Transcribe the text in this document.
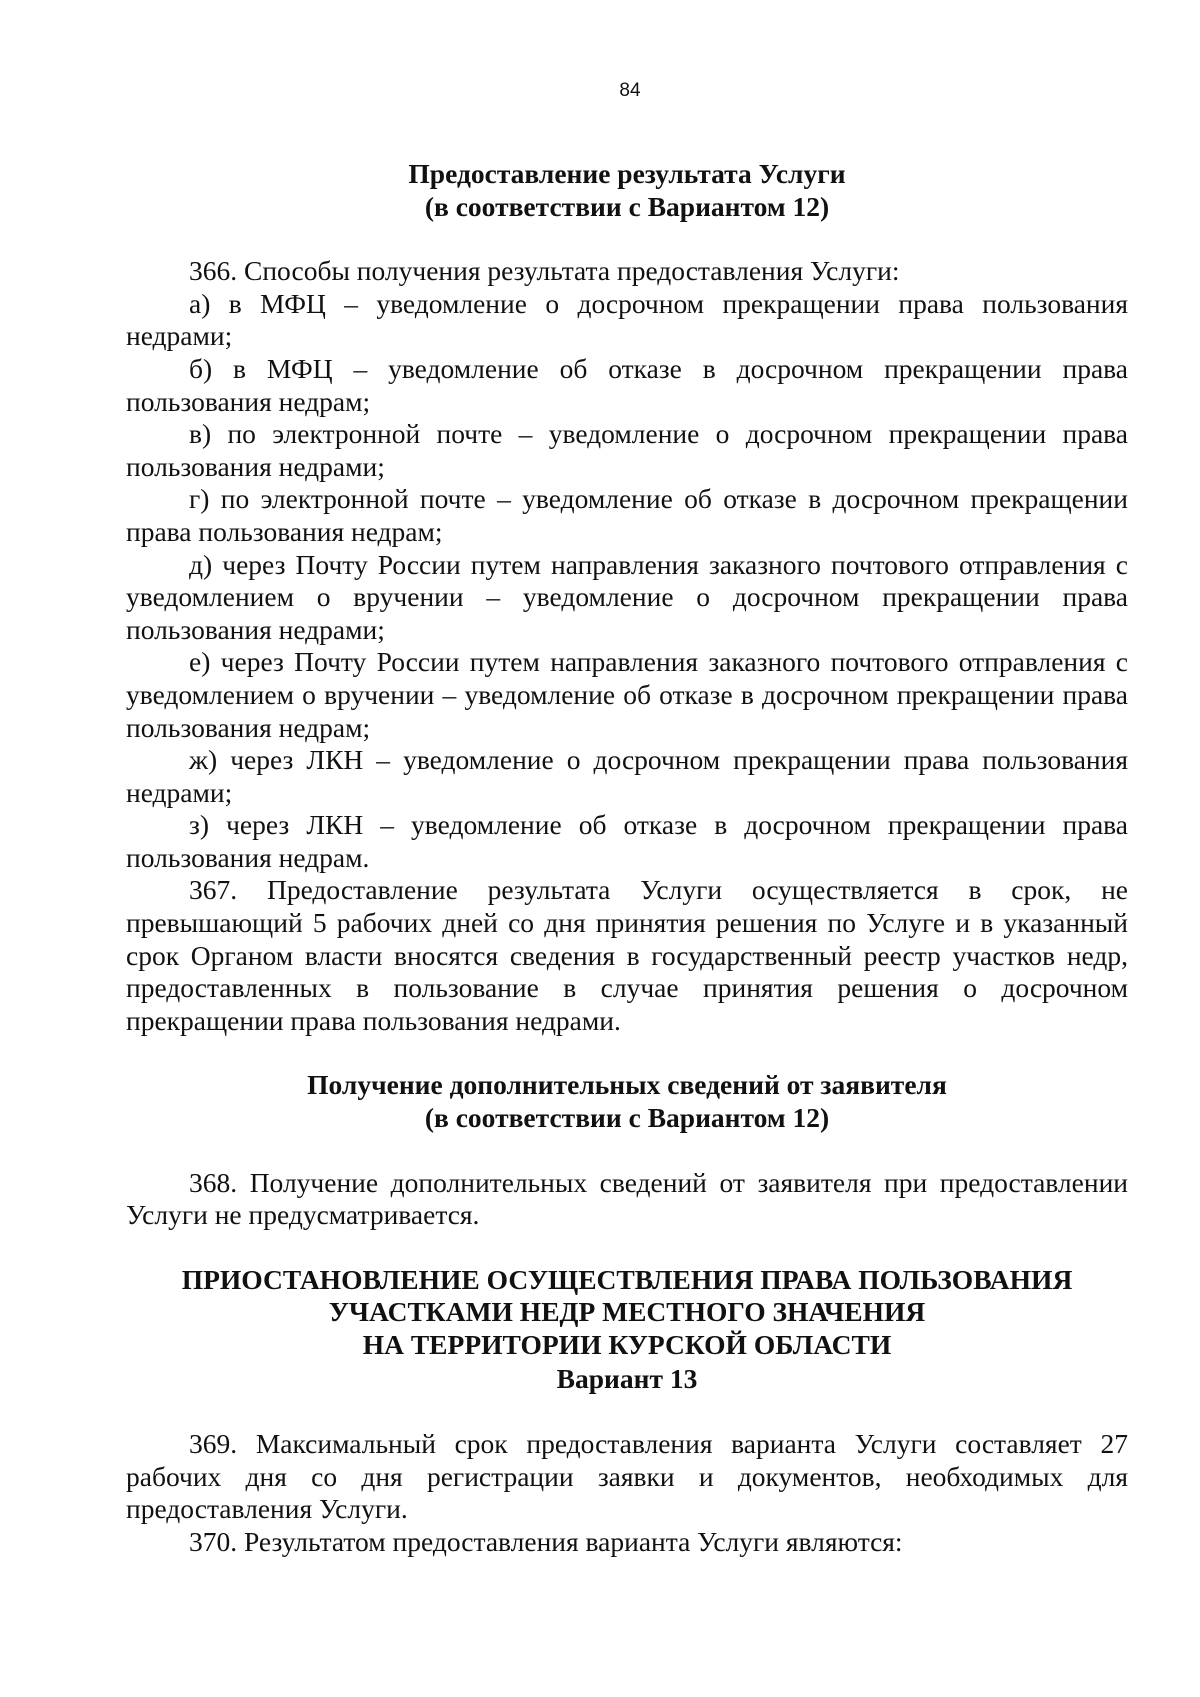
84
Предоставление результата Услуги
(в соответствии с Вариантом 12)

366. Способы получения результата предоставления Услуги:

а) в МФЦ – уведомление о досрочном прекращении права пользования недрами;

б) в МФЦ – уведомление об отказе в досрочном прекращении права пользования недрам;

в) по электронной почте – уведомление о досрочном прекращении права пользования недрами;

г) по электронной почте – уведомление об отказе в досрочном прекращении права пользования недрам;

д) через Почту России путем направления заказного почтового отправления с уведомлением о вручении – уведомление о досрочном прекращении права пользования недрами;

е) через Почту России путем направления заказного почтового отправления с уведомлением о вручении – уведомление об отказе в досрочном прекращении права пользования недрам;

ж) через ЛКН – уведомление о досрочном прекращении права пользования недрами;

з) через ЛКН – уведомление об отказе в досрочном прекращении права пользования недрам.

367. Предоставление результата Услуги осуществляется в срок, не превышающий 5 рабочих дней со дня принятия решения по Услуге и в указанный срок Органом власти вносятся сведения в государственный реестр участков недр, предоставленных в пользование в случае принятия решения о досрочном прекращении права пользования недрами.

Получение дополнительных сведений от заявителя
(в соответствии с Вариантом 12)

368. Получение дополнительных сведений от заявителя при предоставлении Услуги не предусматривается.

ПРИОСТАНОВЛЕНИЕ ОСУЩЕСТВЛЕНИЯ ПРАВА ПОЛЬЗОВАНИЯ
УЧАСТКАМИ НЕДР МЕСТНОГО ЗНАЧЕНИЯ
НА ТЕРРИТОРИИ КУРСКОЙ ОБЛАСТИ
Вариант 13

369. Максимальный срок предоставления варианта Услуги составляет 27 рабочих дня со дня регистрации заявки и документов, необходимых для предоставления Услуги.

370. Результатом предоставления варианта Услуги являются:
